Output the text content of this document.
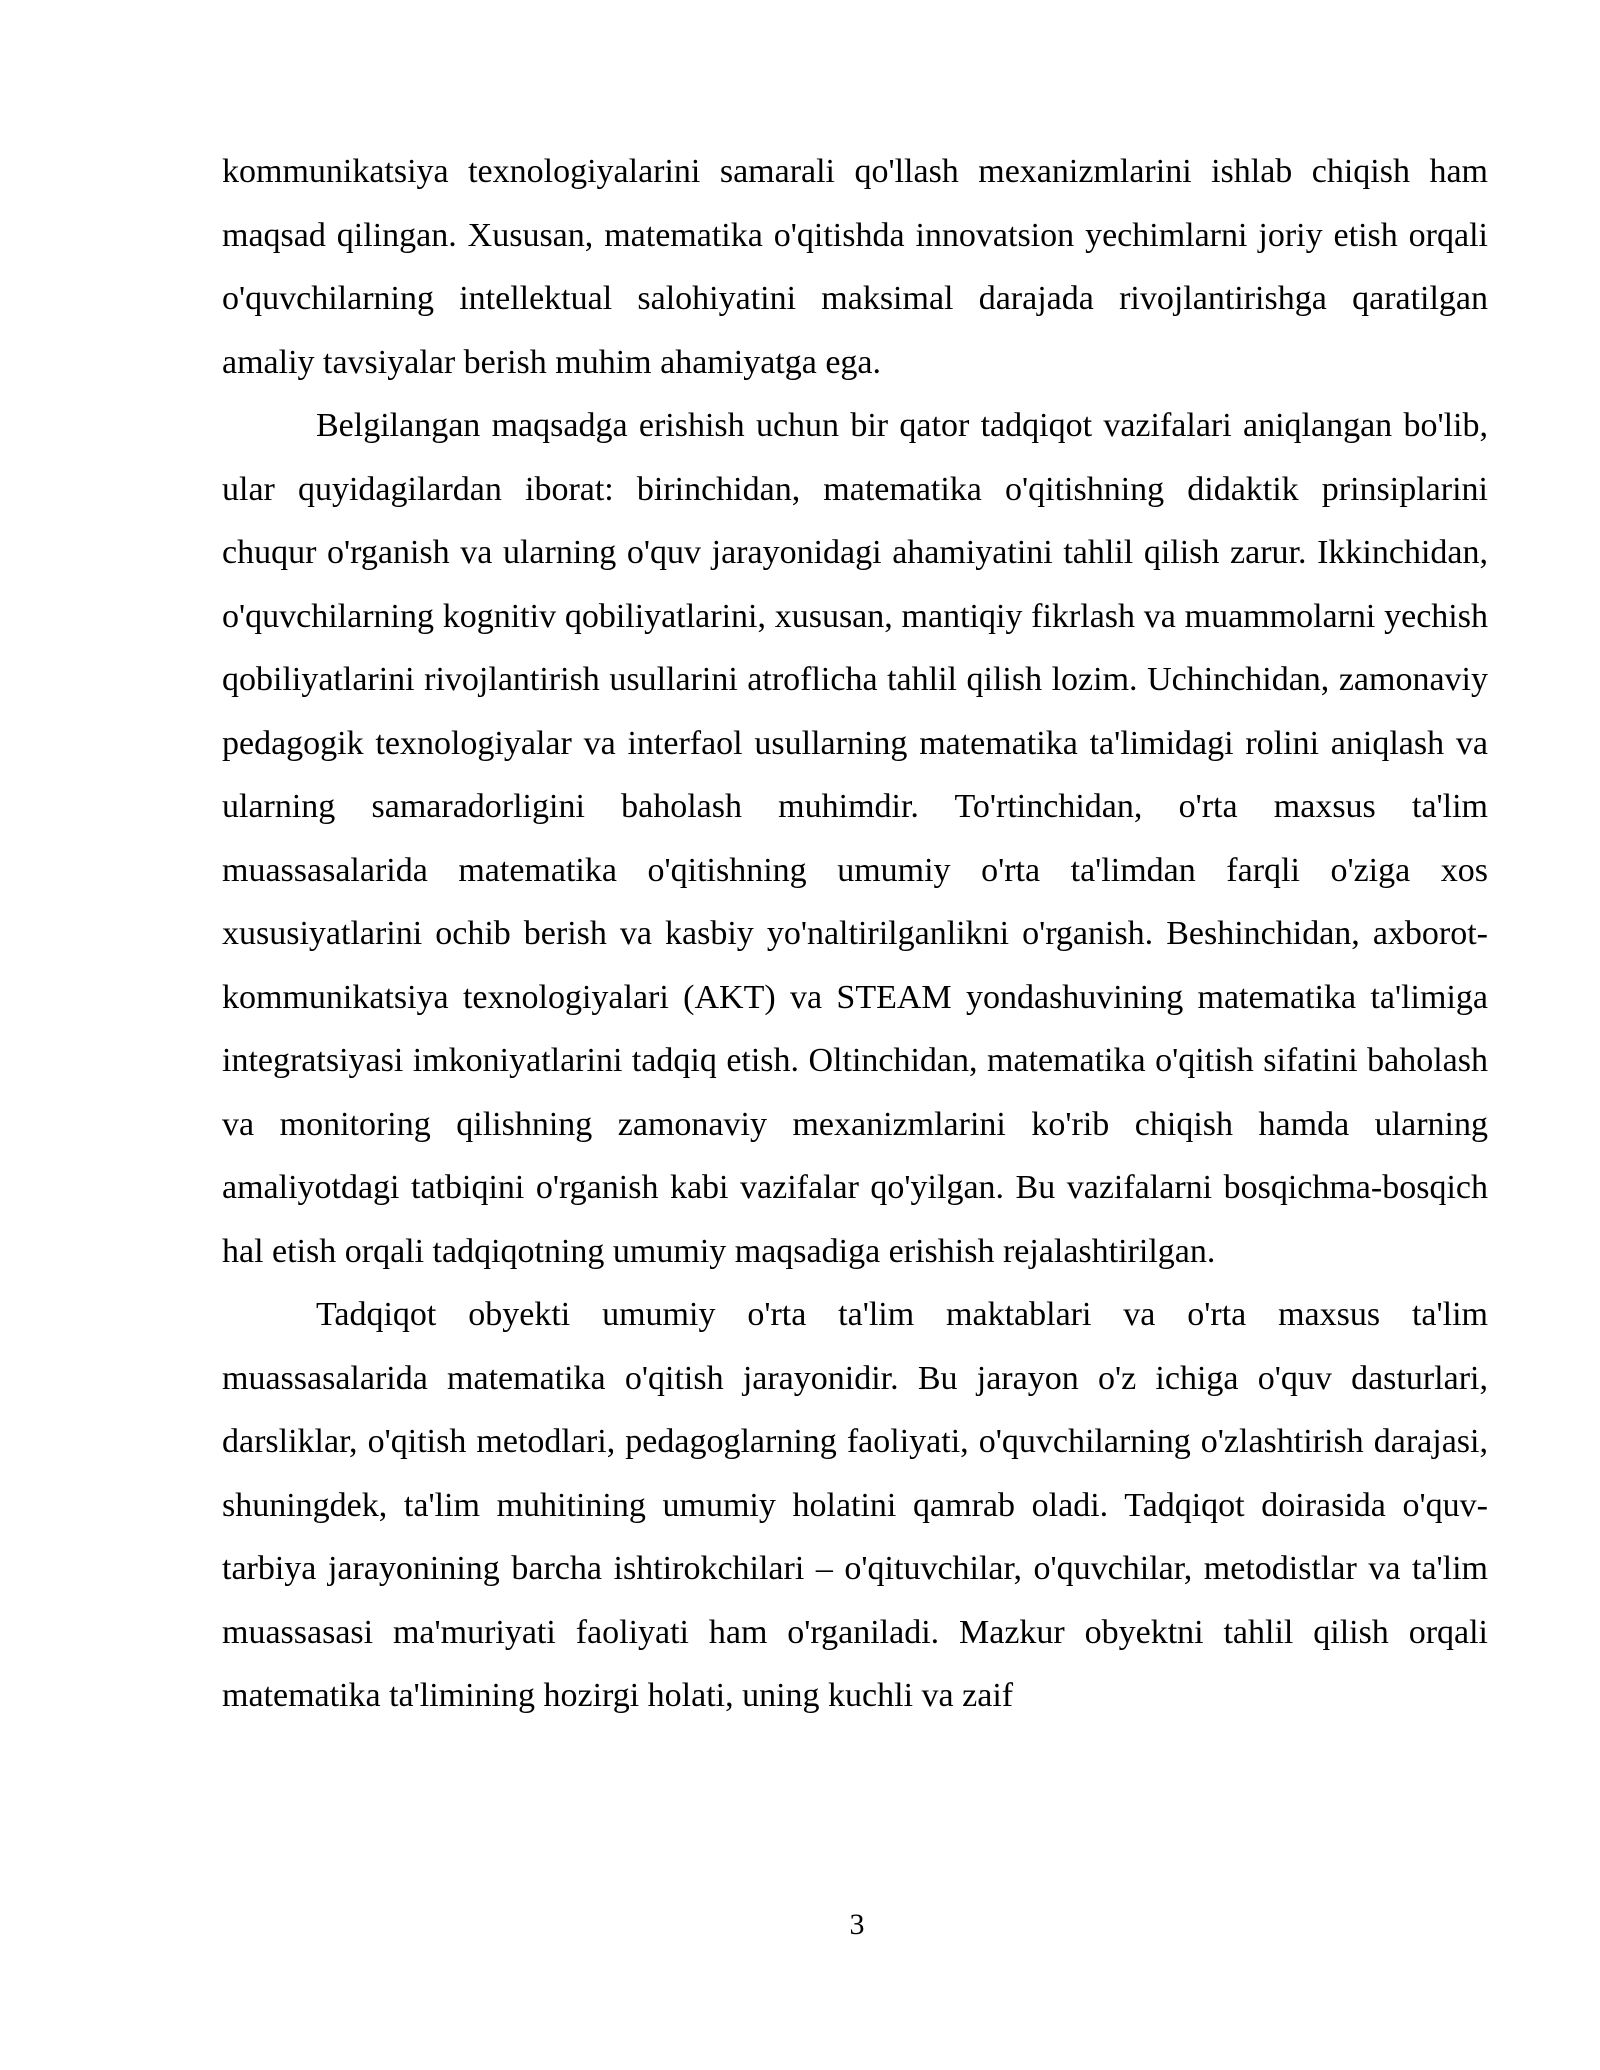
kommunikatsiya texnologiyalarini samarali qo'llash mexanizmlarini ishlab chiqish ham maqsad qilingan. Xususan, matematika o'qitishda innovatsion yechimlarni joriy etish orqali o'quvchilarning intellektual salohiyatini maksimal darajada rivojlantirishga qaratilgan amaliy tavsiyalar berish muhim ahamiyatga ega.

Belgilangan maqsadga erishish uchun bir qator tadqiqot vazifalari aniqlangan bo'lib, ular quyidagilardan iborat: birinchidan, matematika o'qitishning didaktik prinsiplarini chuqur o'rganish va ularning o'quv jarayonidagi ahamiyatini tahlil qilish zarur. Ikkinchidan, o'quvchilarning kognitiv qobiliyatlarini, xususan, mantiqiy fikrlash va muammolarni yechish qobiliyatlarini rivojlantirish usullarini atroflicha tahlil qilish lozim. Uchinchidan, zamonaviy pedagogik texnologiyalar va interfaol usullarning matematika ta'limidagi rolini aniqlash va ularning samaradorligini baholash muhimdir. To'rtinchidan, o'rta maxsus ta'lim muassasalarida matematika o'qitishning umumiy o'rta ta'limdan farqli o'ziga xos xususiyatlarini ochib berish va kasbiy yo'naltirilganlikni o'rganish. Beshinchidan, axborot-kommunikatsiya texnologiyalari (AKT) va STEAM yondashuvining matematika ta'limiga integratsiyasi imkoniyatlarini tadqiq etish. Oltinchidan, matematika o'qitish sifatini baholash va monitoring qilishning zamonaviy mexanizmlarini ko'rib chiqish hamda ularning amaliyotdagi tatbiqini o'rganish kabi vazifalar qo'yilgan. Bu vazifalarni bosqichma-bosqich hal etish orqali tadqiqotning umumiy maqsadiga erishish rejalashtirilgan.

Tadqiqot obyekti umumiy o'rta ta'lim maktablari va o'rta maxsus ta'lim muassasalarida matematika o'qitish jarayonidir. Bu jarayon o'z ichiga o'quv dasturlari, darsliklar, o'qitish metodlari, pedagoglarning faoliyati, o'quvchilarning o'zlashtirish darajasi, shuningdek, ta'lim muhitining umumiy holatini qamrab oladi. Tadqiqot doirasida o'quv-tarbiya jarayonining barcha ishtirokchilari – o'qituvchilar, o'quvchilar, metodistlar va ta'lim muassasasi ma'muriyati faoliyati ham o'rganiladi. Mazkur obyektni tahlil qilish orqali matematika ta'limining hozirgi holati, uning kuchli va zaif

3
